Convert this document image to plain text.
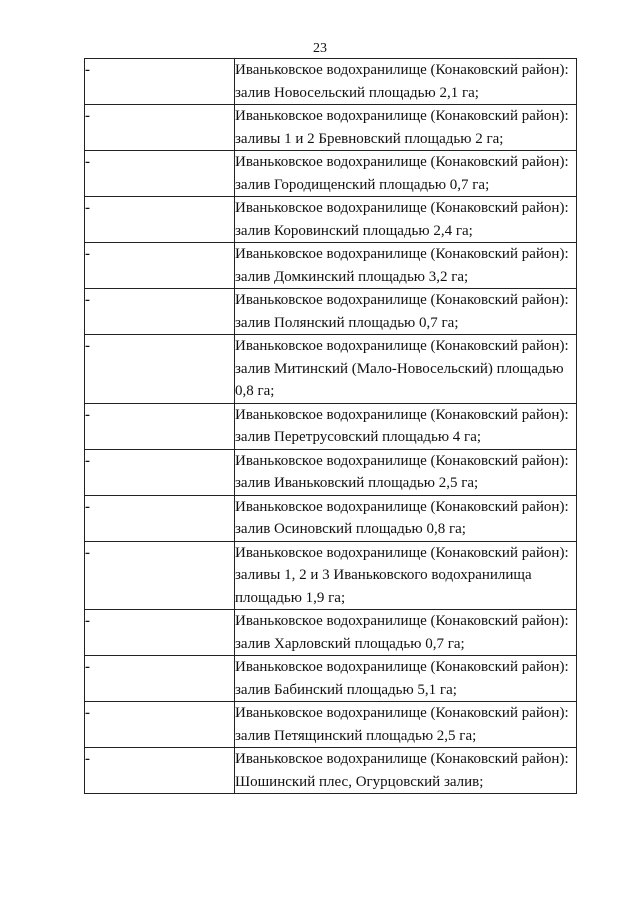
23
-	Иваньковское водохранилище (Конаковский район): залив Новосельский площадью 2,1 га;
-	Иваньковское водохранилище (Конаковский район): заливы 1 и 2 Бревновский площадью 2 га;
-	Иваньковское водохранилище (Конаковский район): залив Городищенский площадью 0,7 га;
-	Иваньковское водохранилище (Конаковский район): залив Коровинский площадью 2,4 га;
-	Иваньковское водохранилище (Конаковский район): залив Домкинский площадью 3,2 га;
-	Иваньковское водохранилище (Конаковский район): залив Полянский площадью 0,7 га;
-	Иваньковское водохранилище (Конаковский район): залив Митинский (Мало-Новосельский) площадью 0,8 га;
-	Иваньковское водохранилище (Конаковский район): залив Перетрусовский площадью 4 га;
-	Иваньковское водохранилище (Конаковский район): залив Иваньковский площадью 2,5 га;
-	Иваньковское водохранилище (Конаковский район): залив Осиновский площадью 0,8 га;
-	Иваньковское водохранилище (Конаковский район): заливы 1, 2 и 3 Иваньковского водохранилища площадью 1,9 га;
-	Иваньковское водохранилище (Конаковский район): залив Харловский площадью 0,7 га;
-	Иваньковское водохранилище (Конаковский район): залив Бабинский площадью 5,1 га;
-	Иваньковское водохранилище (Конаковский район): залив Петящинский площадью 2,5 га;
-	Иваньковское водохранилище (Конаковский район): Шошинский плес, Огурцовский залив;
